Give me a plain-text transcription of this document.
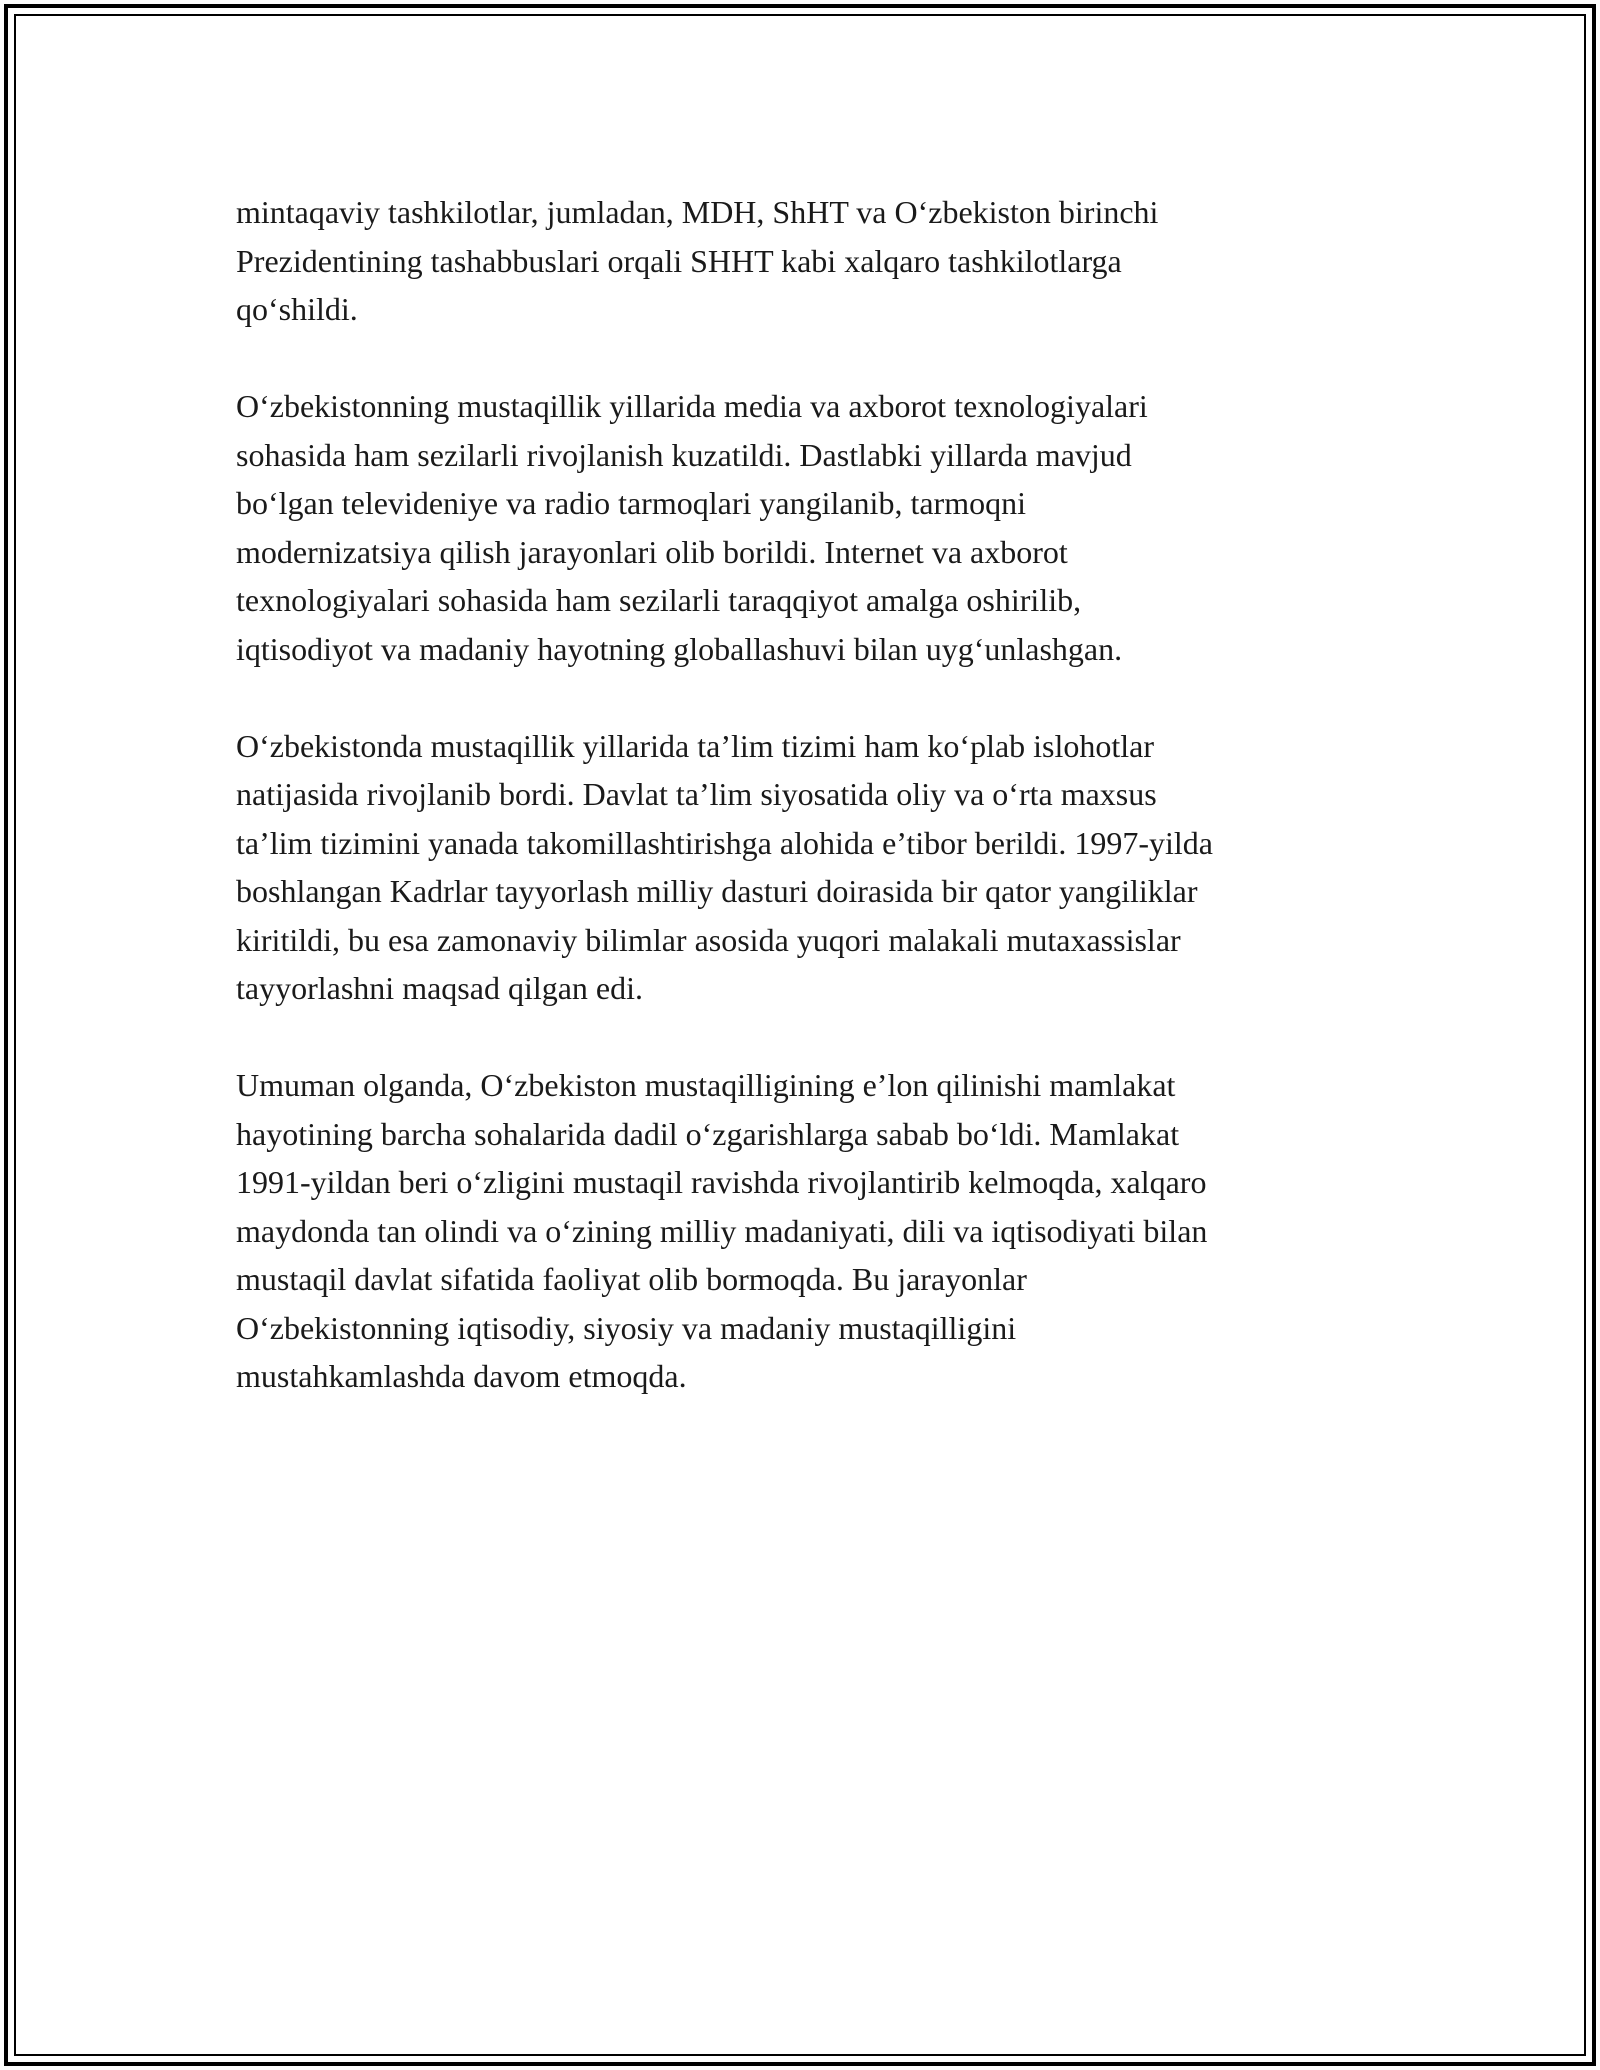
mintaqaviy tashkilotlar, jumladan, MDH, ShHT va O‘zbekiston birinchi
Prezidentining tashabbuslari orqali SHHT kabi xalqaro tashkilotlarga
qo‘shildi.

O‘zbekistonning mustaqillik yillarida media va axborot texnologiyalari
sohasida ham sezilarli rivojlanish kuzatildi. Dastlabki yillarda mavjud
bo‘lgan televideniye va radio tarmoqlari yangilanib, tarmoqni
modernizatsiya qilish jarayonlari olib borildi. Internet va axborot
texnologiyalari sohasida ham sezilarli taraqqiyot amalga oshirilib,
iqtisodiyot va madaniy hayotning globallashuvi bilan uyg‘unlashgan.

O‘zbekistonda mustaqillik yillarida ta’lim tizimi ham ko‘plab islohotlar
natijasida rivojlanib bordi. Davlat ta’lim siyosatida oliy va o‘rta maxsus
ta’lim tizimini yanada takomillashtirishga alohida e’tibor berildi. 1997-yilda
boshlangan Kadrlar tayyorlash milliy dasturi doirasida bir qator yangiliklar
kiritildi, bu esa zamonaviy bilimlar asosida yuqori malakali mutaxassislar
tayyorlashni maqsad qilgan edi.

Umuman olganda, O‘zbekiston mustaqilligining e’lon qilinishi mamlakat
hayotining barcha sohalarida dadil o‘zgarishlarga sabab bo‘ldi. Mamlakat
1991-yildan beri o‘zligini mustaqil ravishda rivojlantirib kelmoqda, xalqaro
maydonda tan olindi va o‘zining milliy madaniyati, dili va iqtisodiyati bilan
mustaqil davlat sifatida faoliyat olib bormoqda. Bu jarayonlar
O‘zbekistonning iqtisodiy, siyosiy va madaniy mustaqilligini
mustahkamlashda davom etmoqda.
